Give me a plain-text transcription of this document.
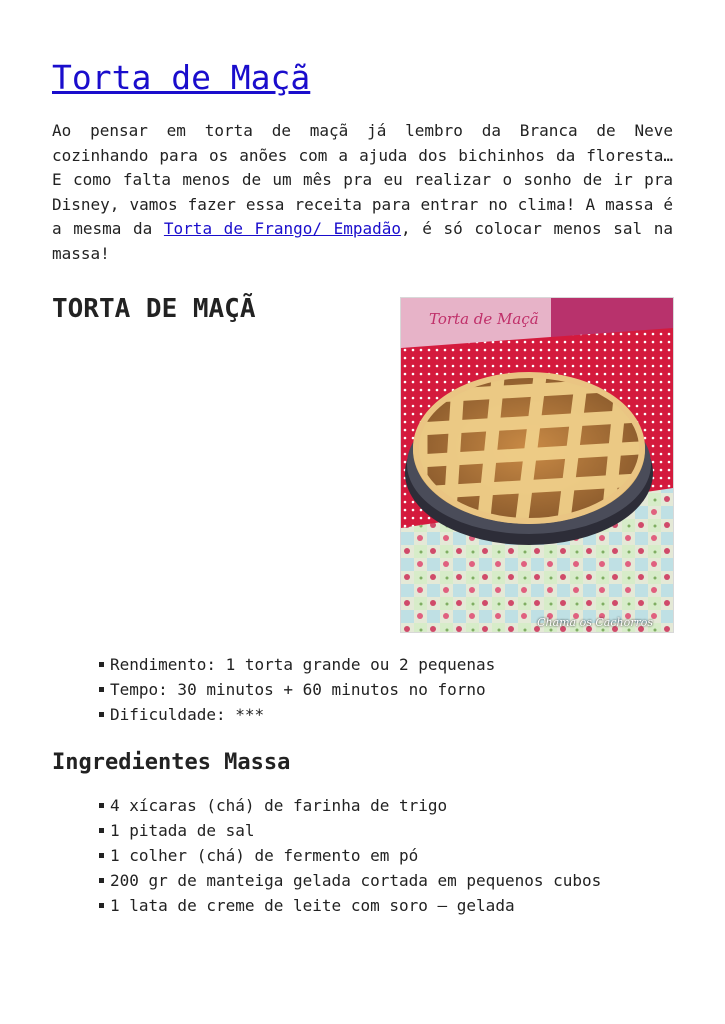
Torta de Maçã

Ao pensar em torta de maçã já lembro da Branca de Neve cozinhando para os anões com a ajuda dos bichinhos da floresta… E como falta menos de um mês pra eu realizar o sonho de ir pra Disney, vamos fazer essa receita para entrar no clima! A massa é a mesma da Torta de Frango/ Empadão, é só colocar menos sal na massa!

TORTA DE MAÇÃ	Torta de Maçã
Chama os Cachorros
Rendimento: 1 torta grande ou 2 pequenas
Tempo: 30 minutos + 60 minutos no forno
Dificuldade: ***
Ingredientes Massa
4 xícaras (chá) de farinha de trigo
1 pitada de sal
1 colher (chá) de fermento em pó
200 gr de manteiga gelada cortada em pequenos cubos
1 lata de creme de leite com soro – gelada
